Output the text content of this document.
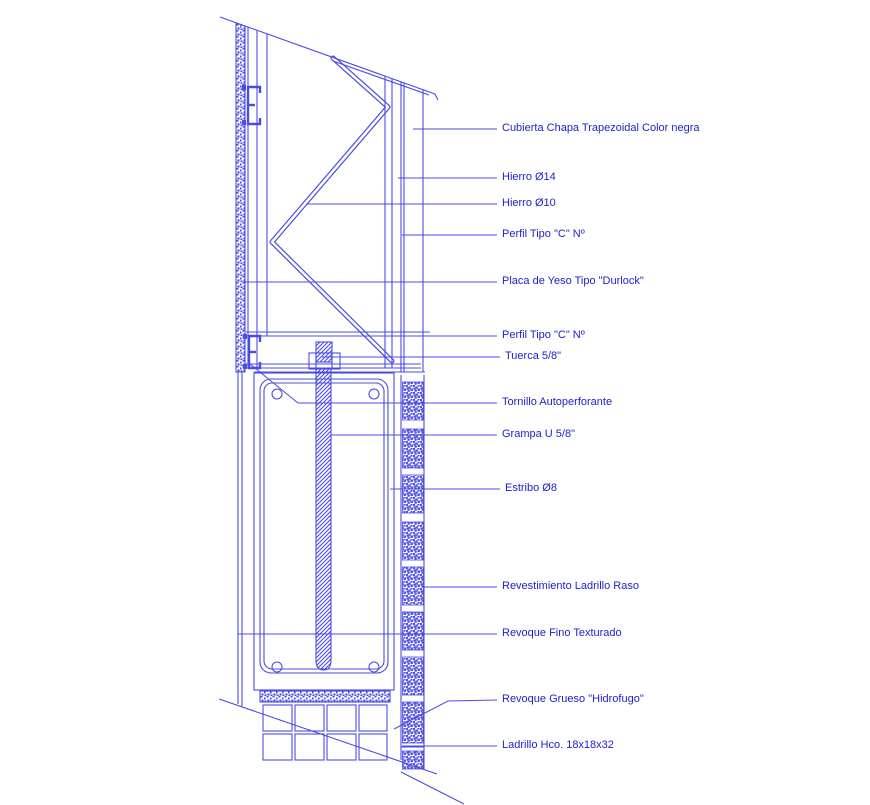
Cubierta Chapa Trapezoidal Color negra
Hierro Ø14
Hierro Ø10
Perfil Tipo "C" Nº
Placa de Yeso Tipo "Durlock"
Perfil Tipo "C" Nº
Tuerca 5/8"
Tornillo Autoperforante
Grampa U 5/8"
Estribo Ø8
Revestimiento Ladrillo Raso
Revoque Fino Texturado
Revoque Grueso "Hidrofugo"
Ladrillo Hco. 18x18x32
